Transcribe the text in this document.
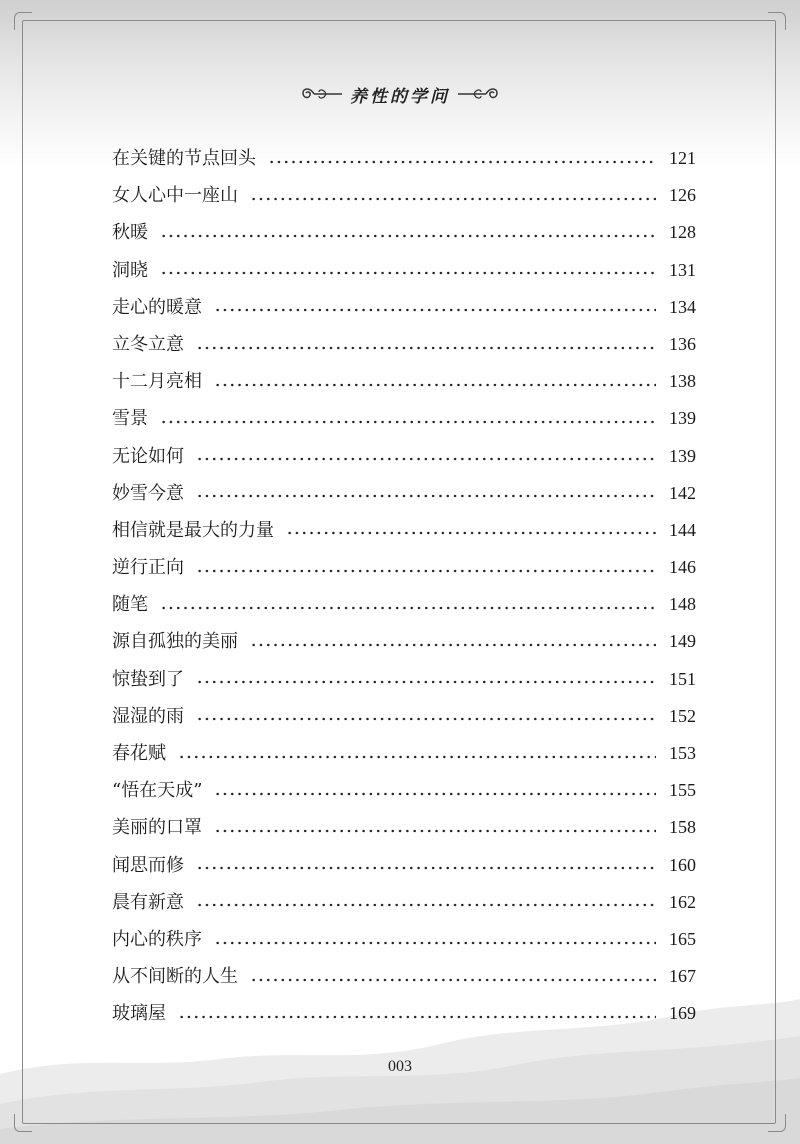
养性的学问
在关键的节点回头	121
女人心中一座山	126
秋暖	128
洞晓	131
走心的暖意	134
立冬立意	136
十二月亮相	138
雪景	139
无论如何	139
妙雪今意	142
相信就是最大的力量	144
逆行正向	146
随笔	148
源自孤独的美丽	149
惊蛰到了	151
湿湿的雨	152
春花赋	153
“悟在天成”	155
美丽的口罩	158
闻思而修	160
晨有新意	162
内心的秩序	165
从不间断的人生	167
玻璃屋	169
003
